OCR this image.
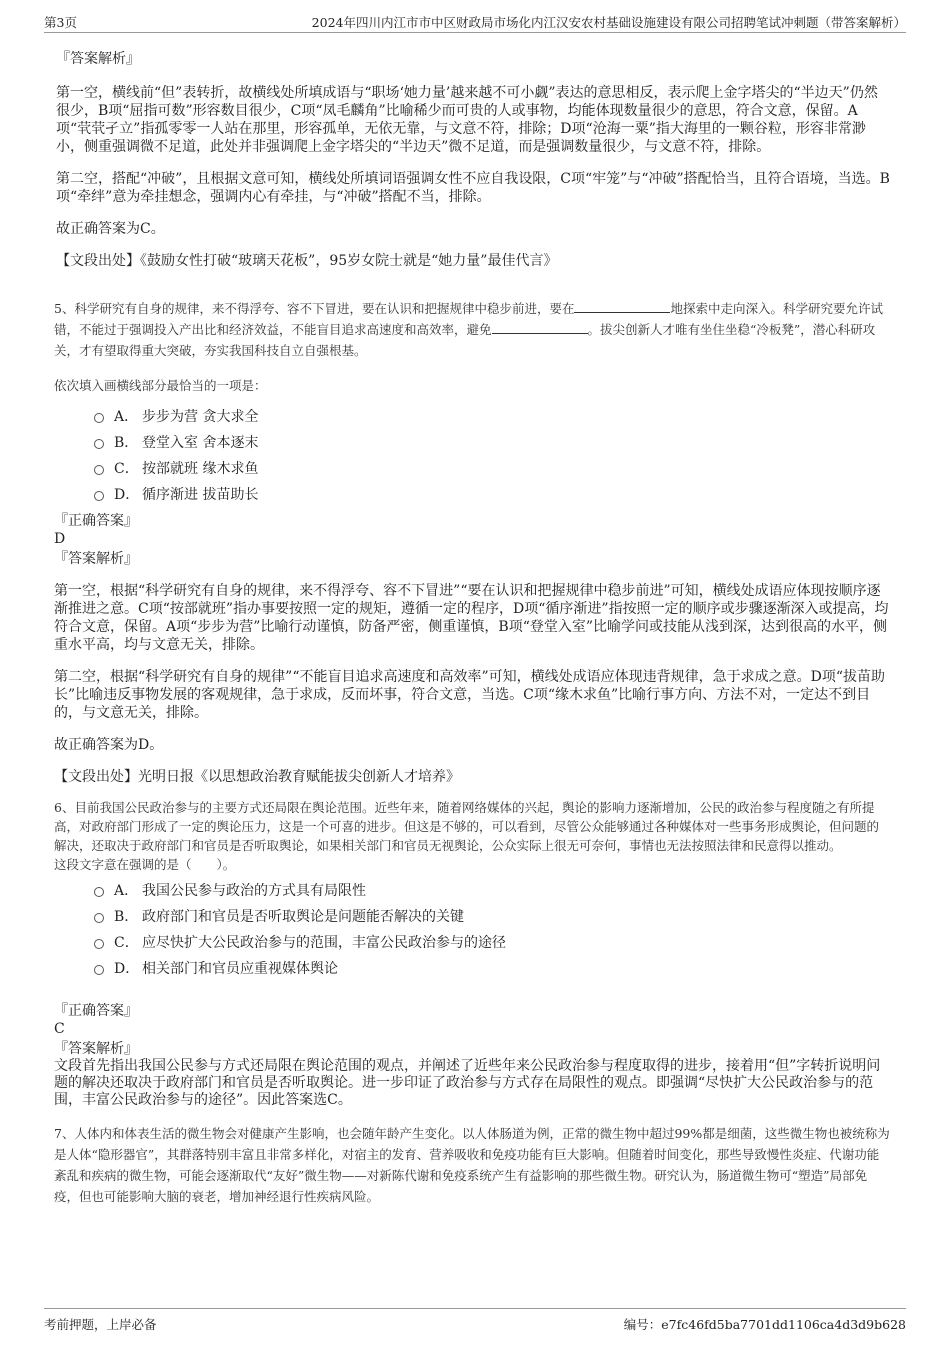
第3页	2024年四川内江市市中区财政局市场化内江汉安农村基础设施建设有限公司招聘笔试冲刺题（带答案解析）
『答案解析』

第一空，横线前“但”表转折，故横线处所填成语与“职场‘她力量’越来越不可小觑”表达的意思相反，表示爬上金字塔尖的“半边天”仍然很少，B项“屈指可数”形容数目很少，C项“凤毛麟角”比喻稀少而可贵的人或事物，均能体现数量很少的意思，符合文意，保留。A项“茕茕孑立”指孤零零一人站在那里，形容孤单，无依无靠，与文意不符，排除；D项“沧海一粟”指大海里的一颗谷粒，形容非常渺小，侧重强调微不足道，此处并非强调爬上金字塔尖的“半边天”微不足道，而是强调数量很少，与文意不符，排除。

第二空，搭配“冲破”，且根据文意可知，横线处所填词语强调女性不应自我设限，C项“牢笼”与“冲破”搭配恰当，且符合语境，当选。B项“牵绊”意为牵挂想念，强调内心有牵挂，与“冲破”搭配不当，排除。

故正确答案为C。

【文段出处】《鼓励女性打破“玻璃天花板”，95岁女院士就是“她力量”最佳代言》

5、科学研究有自身的规律，来不得浮夸、容不下冒进，要在认识和把握规律中稳步前进，要在	地探索中走向深入。科学研究要允许试错，不能过于强调投入产出比和经济效益，不能盲目追求高速度和高效率，避免	。拔尖创新人才唯有坐住坐稳“冷板凳”，潜心科研攻关，才有望取得重大突破，夯实我国科技自立自强根基。

依次填入画横线部分最恰当的一项是：

A． 步步为营 贪大求全
B． 登堂入室 舍本逐末
C． 按部就班 缘木求鱼
D． 循序渐进 拔苗助长
『正确答案』
D
『答案解析』

第一空，根据“科学研究有自身的规律，来不得浮夸、容不下冒进”“要在认识和把握规律中稳步前进”可知，横线处成语应体现按顺序逐渐推进之意。C项“按部就班”指办事要按照一定的规矩，遵循一定的程序，D项“循序渐进”指按照一定的顺序或步骤逐渐深入或提高，均符合文意，保留。A项“步步为营”比喻行动谨慎，防备严密，侧重谨慎，B项“登堂入室”比喻学问或技能从浅到深，达到很高的水平，侧重水平高，均与文意无关，排除。

第二空，根据“科学研究有自身的规律”“不能盲目追求高速度和高效率”可知，横线处成语应体现违背规律，急于求成之意。D项“拔苗助长”比喻违反事物发展的客观规律，急于求成，反而坏事，符合文意，当选。C项“缘木求鱼”比喻行事方向、方法不对，一定达不到目的，与文意无关，排除。

故正确答案为D。

【文段出处】光明日报《以思想政治教育赋能拔尖创新人才培养》

6、目前我国公民政治参与的主要方式还局限在舆论范围。近些年来，随着网络媒体的兴起，舆论的影响力逐渐增加，公民的政治参与程度随之有所提高，对政府部门形成了一定的舆论压力，这是一个可喜的进步。但这是不够的，可以看到，尽管公众能够通过各种媒体对一些事务形成舆论，但问题的解决，还取决于政府部门和官员是否听取舆论，如果相关部门和官员无视舆论，公众实际上很无可奈何，事情也无法按照法律和民意得以推动。

这段文字意在强调的是（　　）。

A． 我国公民参与政治的方式具有局限性
B． 政府部门和官员是否听取舆论是问题能否解决的关键
C． 应尽快扩大公民政治参与的范围，丰富公民政治参与的途径
D． 相关部门和官员应重视媒体舆论
『正确答案』
C
『答案解析』

文段首先指出我国公民参与方式还局限在舆论范围的观点，并阐述了近些年来公民政治参与程度取得的进步，接着用“但”字转折说明问题的解决还取决于政府部门和官员是否听取舆论。进一步印证了政治参与方式存在局限性的观点。即强调“尽快扩大公民政治参与的范围，丰富公民政治参与的途径”。因此答案选C。

7、人体内和体表生活的微生物会对健康产生影响，也会随年龄产生变化。以人体肠道为例，正常的微生物中超过99%都是细菌，这些微生物也被统称为是人体“隐形器官”，其群落特别丰富且非常多样化，对宿主的发育、营养吸收和免疫功能有巨大影响。但随着时间变化，那些导致慢性炎症、代谢功能紊乱和疾病的微生物，可能会逐渐取代“友好”微生物——对新陈代谢和免疫系统产生有益影响的那些微生物。研究认为，肠道微生物可“塑造”局部免疫，但也可能影响大脑的衰老，增加神经退行性疾病风险。

考前押题，上岸必备	编号：e7fc46fd5ba7701dd1106ca4d3d9b628
